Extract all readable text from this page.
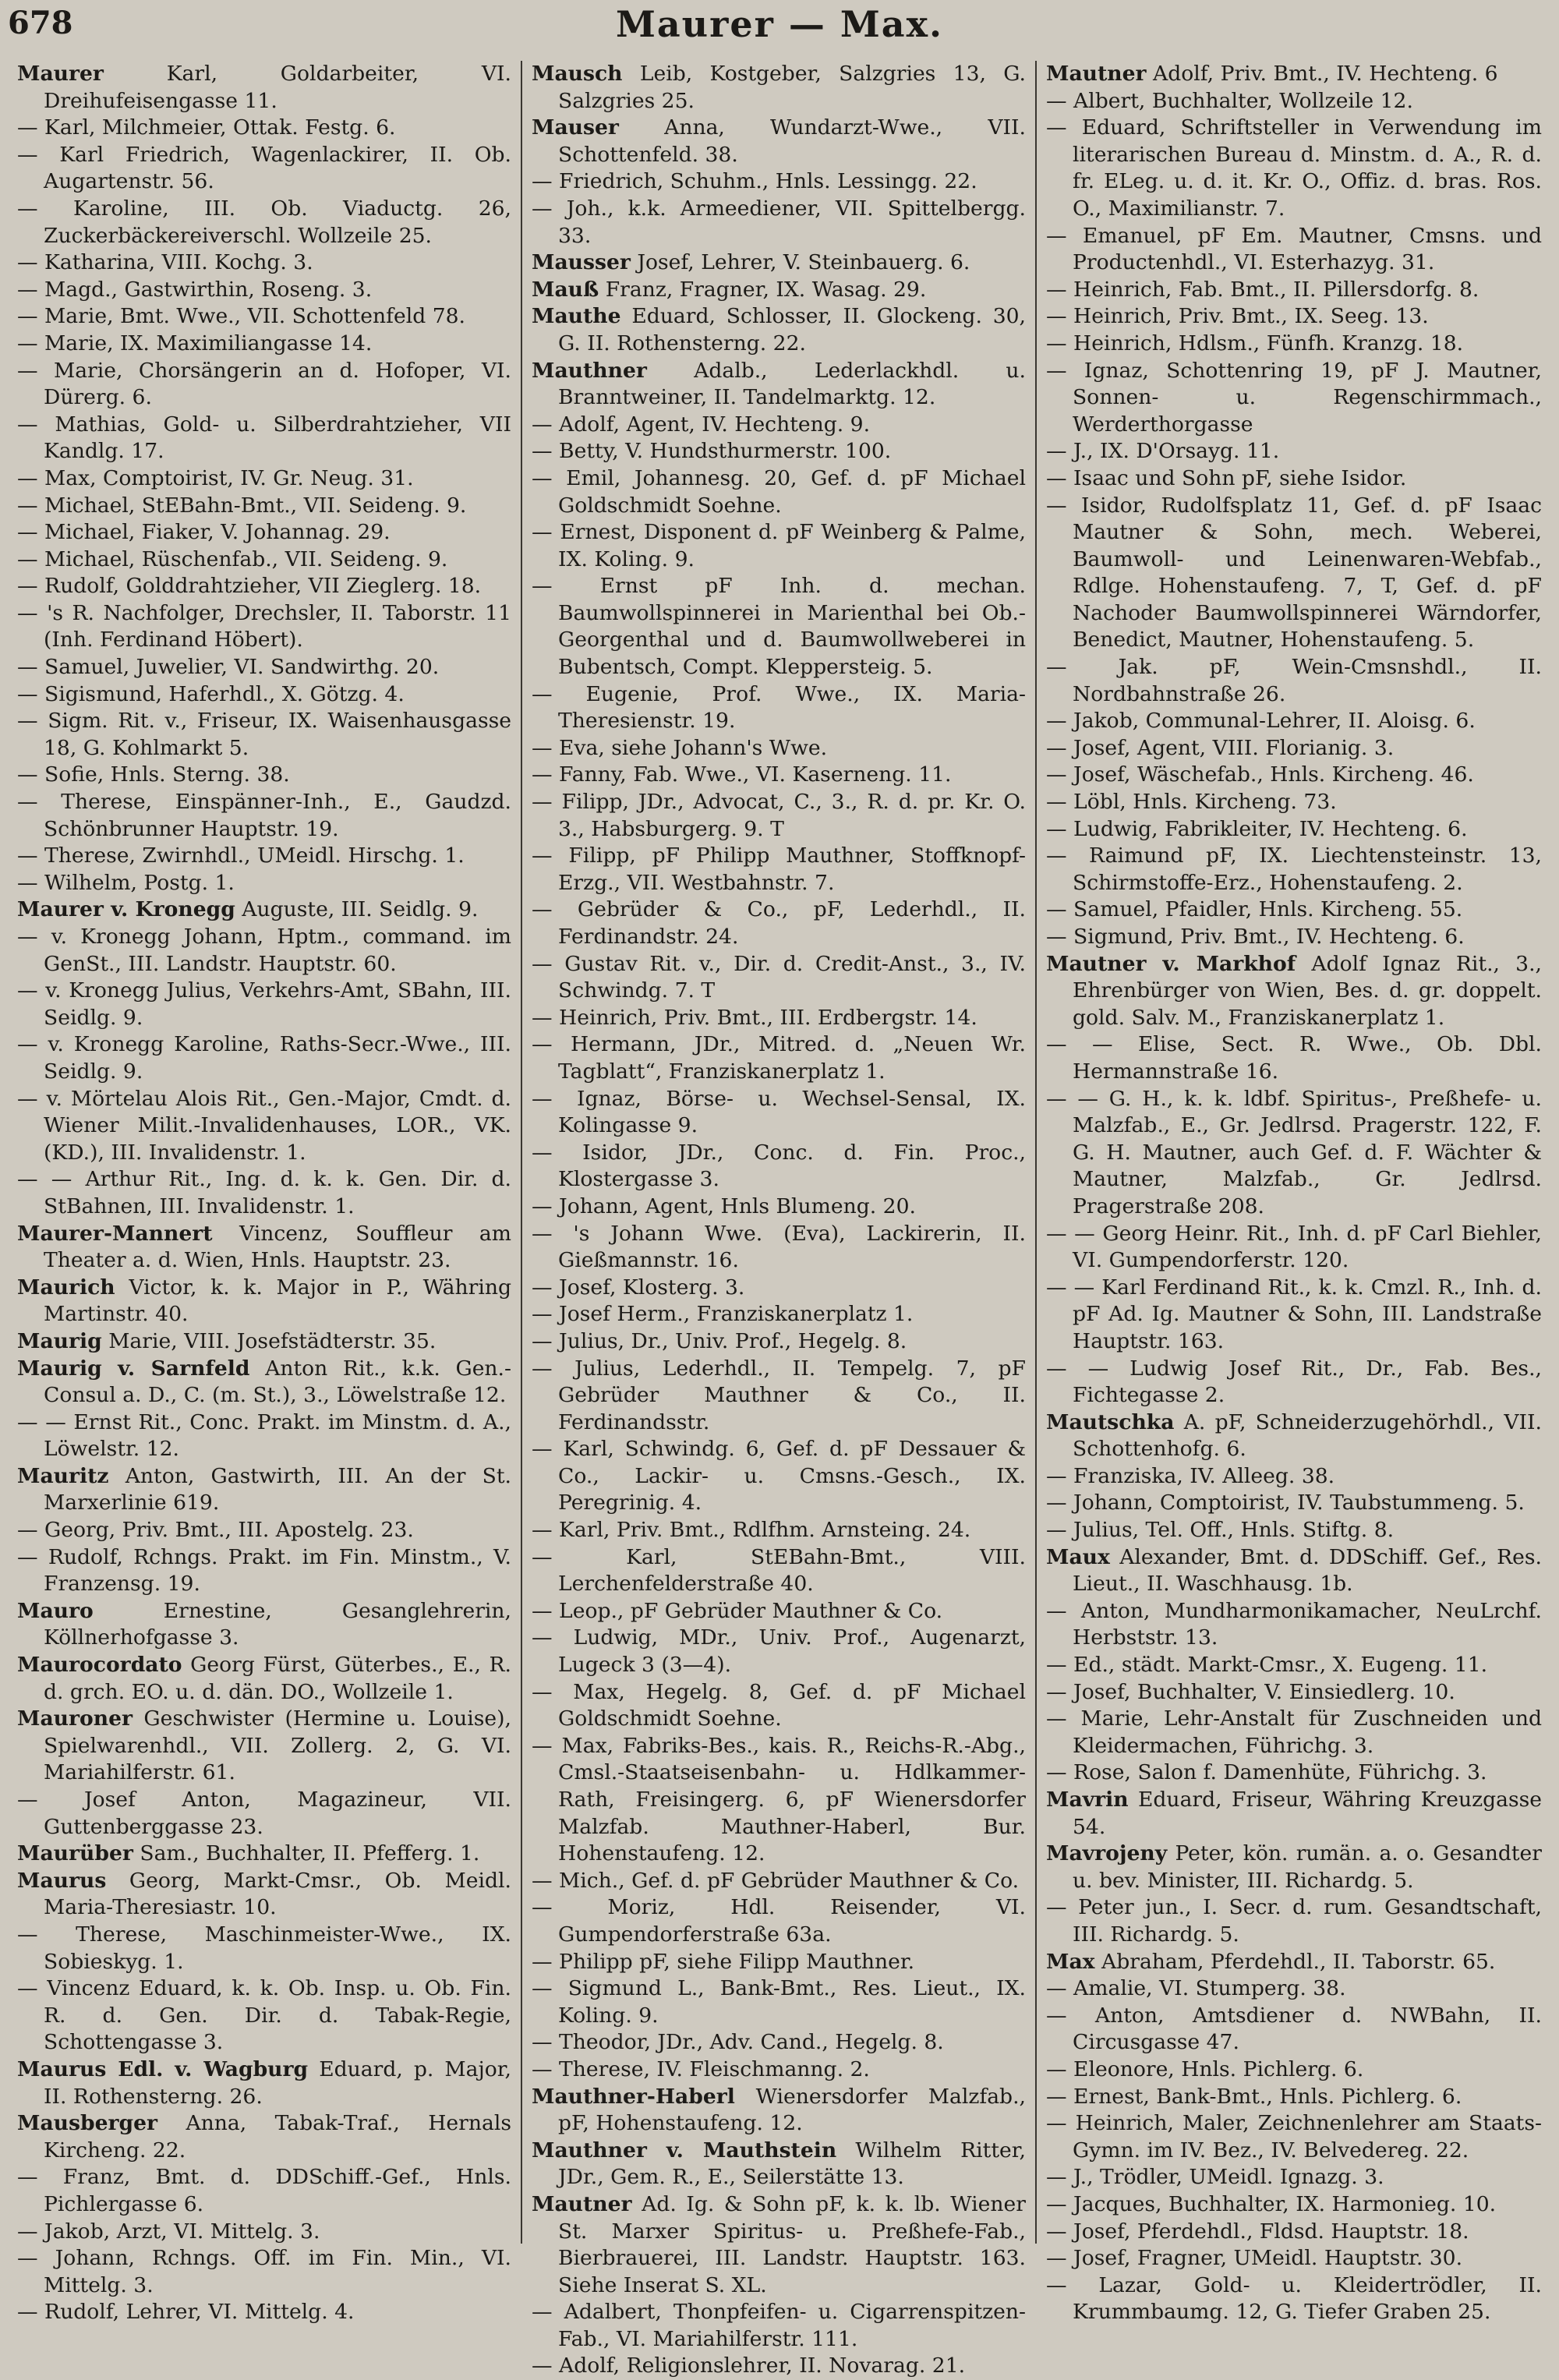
678	Maurer — Max.
Maurer	Karl, Goldarbeiter, VI. Dreihufeisengasse 11.
— Karl, Milchmeier, Ottak. Festg. 6.
— Karl Friedrich, Wagenlackirer, II. Ob. Augartenstr. 56.
— Karoline, III. Ob. Viaductg. 26, Zuckerbäckereiverschl. Wollzeile 25.
— Katharina, VIII. Kochg. 3.
— Magd., Gastwirthin, Roseng. 3.
— Marie, Bmt. Wwe., VII. Schottenfeld 78.
— Marie, IX. Maximiliangasse 14.
— Marie, Chorsängerin an d. Hofoper, VI. Dürerg. 6.
— Mathias, Gold- u. Silberdrahtzieher, VII Kandlg. 17.
— Max, Comptoirist, IV. Gr. Neug. 31.
— Michael, StEBahn-Bmt., VII. Seideng. 9.
— Michael, Fiaker, V. Johannag. 29.
— Michael, Rüschenfab., VII. Seideng. 9.
— Rudolf, Golddrahtzieher, VII Zieglerg. 18.
— 's R. Nachfolger, Drechsler, II. Taborstr. 11 (Inh. Ferdinand Höbert).
— Samuel, Juwelier, VI. Sandwirthg. 20.
— Sigismund, Haferhdl., X. Götzg. 4.
— Sigm. Rit. v., Friseur, IX. Waisenhausgasse 18, G. Kohlmarkt 5.
— Sofie, Hnls. Sterng. 38.
— Therese, Einspänner-Inh., E., Gaudzd. Schönbrunner Hauptstr. 19.
— Therese, Zwirnhdl., UMeidl. Hirschg. 1.
— Wilhelm, Postg. 1.
Maurer v. Kronegg Auguste, III. Seidlg. 9.
— v. Kronegg Johann, Hptm., command. im GenSt., III. Landstr. Hauptstr. 60.
— v. Kronegg Julius, Verkehrs-Amt, SBahn, III. Seidlg. 9.
— v. Kronegg Karoline, Raths-Secr.-Wwe., III. Seidlg. 9.
— v. Mörtelau Alois Rit., Gen.-Major, Cmdt. d. Wiener Milit.-Invalidenhauses, LOR., VK. (KD.), III. Invalidenstr. 1.
— — Arthur Rit., Ing. d. k. k. Gen. Dir. d. StBahnen, III. Invalidenstr. 1.
Maurer-Mannert Vincenz, Souffleur am Theater a. d. Wien, Hnls. Hauptstr. 23.
Maurich Victor, k. k. Major in P., Währing Martinstr. 40.
Maurig Marie, VIII. Josefstädterstr. 35.
Maurig v. Sarnfeld Anton Rit., k.k. Gen.-Consul a. D., C. (m. St.), 3., Löwelstraße 12.
— — Ernst Rit., Conc. Prakt. im Minstm. d. A., Löwelstr. 12.
Mauritz Anton, Gastwirth, III. An der St. Marxerlinie 619.
— Georg, Priv. Bmt., III. Apostelg. 23.
— Rudolf, Rchngs. Prakt. im Fin. Minstm., V. Franzensg. 19.
Mauro	Ernestine, Gesanglehrerin, Köllnerhofgasse 3.
Maurocordato Georg Fürst, Güterbes., E., R. d. grch. EO. u. d. dän. DO., Wollzeile 1.
Mauroner Geschwister (Hermine u. Louise), Spielwarenhdl., VII. Zollerg. 2, G. VI. Mariahilferstr. 61.
— Josef Anton, Magazineur, VII. Guttenberggasse 23.
Maurüber Sam., Buchhalter, II. Pfefferg. 1.
Maurus Georg, Markt-Cmsr., Ob. Meidl. Maria-Theresiastr. 10.
— Therese, Maschinmeister-Wwe., IX. Sobieskyg. 1.
— Vincenz Eduard, k. k. Ob. Insp. u. Ob. Fin. R. d. Gen. Dir. d. Tabak-Regie, Schottengasse 3.
Maurus Edl. v. Wagburg Eduard, p. Major, II. Rothensterng. 26.
Mausberger Anna, Tabak-Traf., Hernals Kircheng. 22.
— Franz, Bmt. d. DDSchiff.-Gef., Hnls. Pichlergasse 6.
— Jakob, Arzt, VI. Mittelg. 3.
— Johann, Rchngs. Off. im Fin. Min., VI. Mittelg. 3.
— Rudolf, Lehrer, VI. Mittelg. 4.
Mausch Leib, Kostgeber, Salzgries 13, G. Salzgries 25.
Mauser Anna, Wundarzt-Wwe., VII. Schottenfeld. 38.
— Friedrich, Schuhm., Hnls. Lessingg. 22.
— Joh., k.k. Armeediener, VII. Spittelbergg. 33.
Mausser Josef, Lehrer, V. Steinbauerg. 6.
Mauß Franz, Fragner, IX. Wasag. 29.
Mauthe Eduard, Schlosser, II. Glockeng. 30, G. II. Rothensterng. 22.
Mauthner Adalb., Lederlackhdl. u. Branntweiner, II. Tandelmarktg. 12.
— Adolf, Agent, IV. Hechteng. 9.
— Betty, V. Hundsthurmerstr. 100.
— Emil, Johannesg. 20, Gef. d. pF Michael Goldschmidt Soehne.
— Ernest, Disponent d. pF Weinberg & Palme, IX. Koling. 9.
— Ernst pF Inh. d. mechan. Baumwollspinnerei in Marienthal bei Ob.-Georgenthal und d. Baumwollweberei in Bubentsch, Compt. Kleppersteig. 5.
— Eugenie, Prof. Wwe., IX. Maria-Theresienstr. 19.
— Eva, siehe Johann's Wwe.
— Fanny, Fab. Wwe., VI. Kaserneng. 11.
— Filipp, JDr., Advocat, C., 3., R. d. pr. Kr. O. 3., Habsburgerg. 9. T
— Filipp, pF Philipp Mauthner, Stoffknopf-Erzg., VII. Westbahnstr. 7.
— Gebrüder & Co., pF, Lederhdl., II. Ferdinandstr. 24.
— Gustav Rit. v., Dir. d. Credit-Anst., 3., IV. Schwindg. 7. T
— Heinrich, Priv. Bmt., III. Erdbergstr. 14.
— Hermann, JDr., Mitred. d. „Neuen Wr. Tagblatt“, Franziskanerplatz 1.
— Ignaz, Börse- u. Wechsel-Sensal, IX. Kolingasse 9.
— Isidor, JDr., Conc. d. Fin. Proc., Klostergasse 3.
— Johann, Agent, Hnls Blumeng. 20.
— 's Johann Wwe. (Eva), Lackirerin, II. Gießmannstr. 16.
— Josef, Klosterg. 3.
— Josef Herm., Franziskanerplatz 1.
— Julius, Dr., Univ. Prof., Hegelg. 8.
— Julius, Lederhdl., II. Tempelg. 7, pF Gebrüder Mauthner & Co., II. Ferdinandsstr.
— Karl, Schwindg. 6, Gef. d. pF Dessauer & Co., Lackir- u. Cmsns.-Gesch., IX. Peregrinig. 4.
— Karl, Priv. Bmt., Rdlfhm. Arnsteing. 24.
— Karl, StEBahn-Bmt., VIII. Lerchenfelderstraße 40.
— Leop., pF Gebrüder Mauthner & Co.
— Ludwig, MDr., Univ. Prof., Augenarzt, Lugeck 3 (3—4).
— Max, Hegelg. 8, Gef. d. pF Michael Goldschmidt Soehne.
— Max, Fabriks-Bes., kais. R., Reichs-R.-Abg., Cmsl.-Staatseisenbahn- u. Hdlkammer-Rath, Freisingerg. 6, pF Wienersdorfer Malzfab. Mauthner-Haberl, Bur. Hohenstaufeng. 12.
— Mich., Gef. d. pF Gebrüder Mauthner & Co.
— Moriz, Hdl. Reisender, VI. Gumpendorferstraße 63a.
— Philipp pF, siehe Filipp Mauthner.
— Sigmund L., Bank-Bmt., Res. Lieut., IX. Koling. 9.
— Theodor, JDr., Adv. Cand., Hegelg. 8.
— Therese, IV. Fleischmanng. 2.
Mauthner-Haberl Wienersdorfer Malzfab., pF, Hohenstaufeng. 12.
Mauthner v. Mauthstein Wilhelm Ritter, JDr., Gem. R., E., Seilerstätte 13.
Mautner Ad. Ig. & Sohn pF, k. k. lb. Wiener St. Marxer Spiritus- u. Preßhefe-Fab., Bierbrauerei, III. Landstr. Hauptstr. 163. Siehe Inserat S. XL.
— Adalbert, Thonpfeifen- u. Cigarrenspitzen-Fab., VI. Mariahilferstr. 111.
— Adolf, Religionslehrer, II. Novarag. 21.
Mautner Adolf, Priv. Bmt., IV. Hechteng. 6
— Albert, Buchhalter, Wollzeile 12.
— Eduard, Schriftsteller in Verwendung im literarischen Bureau d. Minstm. d. A., R. d. fr. ELeg. u. d. it. Kr. O., Offiz. d. bras. Ros. O., Maximilianstr. 7.
— Emanuel, pF Em. Mautner, Cmsns. und Productenhdl., VI. Esterhazyg. 31.
— Heinrich, Fab. Bmt., II. Pillersdorfg. 8.
— Heinrich, Priv. Bmt., IX. Seeg. 13.
— Heinrich, Hdlsm., Fünfh. Kranzg. 18.
— Ignaz, Schottenring 19, pF J. Mautner, Sonnen- u. Regenschirmmach., Werderthorgasse
— J., IX. D'Orsayg. 11.
— Isaac und Sohn pF, siehe Isidor.
— Isidor, Rudolfsplatz 11, Gef. d. pF Isaac Mautner & Sohn, mech. Weberei, Baumwoll- und Leinenwaren-Webfab., Rdlge. Hohenstaufeng. 7, T, Gef. d. pF Nachoder Baumwollspinnerei Wärndorfer, Benedict, Mautner, Hohenstaufeng. 5.
— Jak. pF, Wein-Cmsnshdl., II. Nordbahnstraße 26.
— Jakob, Communal-Lehrer, II. Aloisg. 6.
— Josef, Agent, VIII. Florianig. 3.
— Josef, Wäschefab., Hnls. Kircheng. 46.
— Löbl, Hnls. Kircheng. 73.
— Ludwig, Fabrikleiter, IV. Hechteng. 6.
— Raimund pF, IX. Liechtensteinstr. 13, Schirmstoffe-Erz., Hohenstaufeng. 2.
— Samuel, Pfaidler, Hnls. Kircheng. 55.
— Sigmund, Priv. Bmt., IV. Hechteng. 6.
Mautner v. Markhof Adolf Ignaz Rit., 3., Ehrenbürger von Wien, Bes. d. gr. doppelt. gold. Salv. M., Franziskanerplatz 1.
— — Elise, Sect. R. Wwe., Ob. Dbl. Hermannstraße 16.
— — G. H., k. k. ldbf. Spiritus-, Preßhefe- u. Malzfab., E., Gr. Jedlrsd. Pragerstr. 122, F. G. H. Mautner, auch Gef. d. F. Wächter & Mautner, Malzfab., Gr. Jedlrsd. Pragerstraße 208.
— — Georg Heinr. Rit., Inh. d. pF Carl Biehler, VI. Gumpendorferstr. 120.
— — Karl Ferdinand Rit., k. k. Cmzl. R., Inh. d. pF Ad. Ig. Mautner & Sohn, III. Landstraße Hauptstr. 163.
— — Ludwig Josef Rit., Dr., Fab. Bes., Fichtegasse 2.
Mautschka A. pF, Schneiderzugehörhdl., VII. Schottenhofg. 6.
— Franziska, IV. Alleeg. 38.
— Johann, Comptoirist, IV. Taubstummeng. 5.
— Julius, Tel. Off., Hnls. Stiftg. 8.
Maux Alexander, Bmt. d. DDSchiff. Gef., Res. Lieut., II. Waschhausg. 1b.
— Anton, Mundharmonikamacher, NeuLrchf. Herbststr. 13.
— Ed., städt. Markt-Cmsr., X. Eugeng. 11.
— Josef, Buchhalter, V. Einsiedlerg. 10.
— Marie, Lehr-Anstalt für Zuschneiden und Kleidermachen, Führichg. 3.
— Rose, Salon f. Damenhüte, Führichg. 3.
Mavrin Eduard, Friseur, Währing Kreuzgasse 54.
Mavrojeny Peter, kön. rumän. a. o. Gesandter u. bev. Minister, III. Richardg. 5.
— Peter jun., I. Secr. d. rum. Gesandtschaft, III. Richardg. 5.
Max Abraham, Pferdehdl., II. Taborstr. 65.
— Amalie, VI. Stumperg. 38.
— Anton, Amtsdiener d. NWBahn, II. Circusgasse 47.
— Eleonore, Hnls. Pichlerg. 6.
— Ernest, Bank-Bmt., Hnls. Pichlerg. 6.
— Heinrich, Maler, Zeichnenlehrer am Staats-Gymn. im IV. Bez., IV. Belvedereg. 22.
— J., Trödler, UMeidl. Ignazg. 3.
— Jacques, Buchhalter, IX. Harmonieg. 10.
— Josef, Pferdehdl., Fldsd. Hauptstr. 18.
— Josef, Fragner, UMeidl. Hauptstr. 30.
— Lazar, Gold- u. Kleidertrödler, II. Krummbaumg. 12, G. Tiefer Graben 25.
